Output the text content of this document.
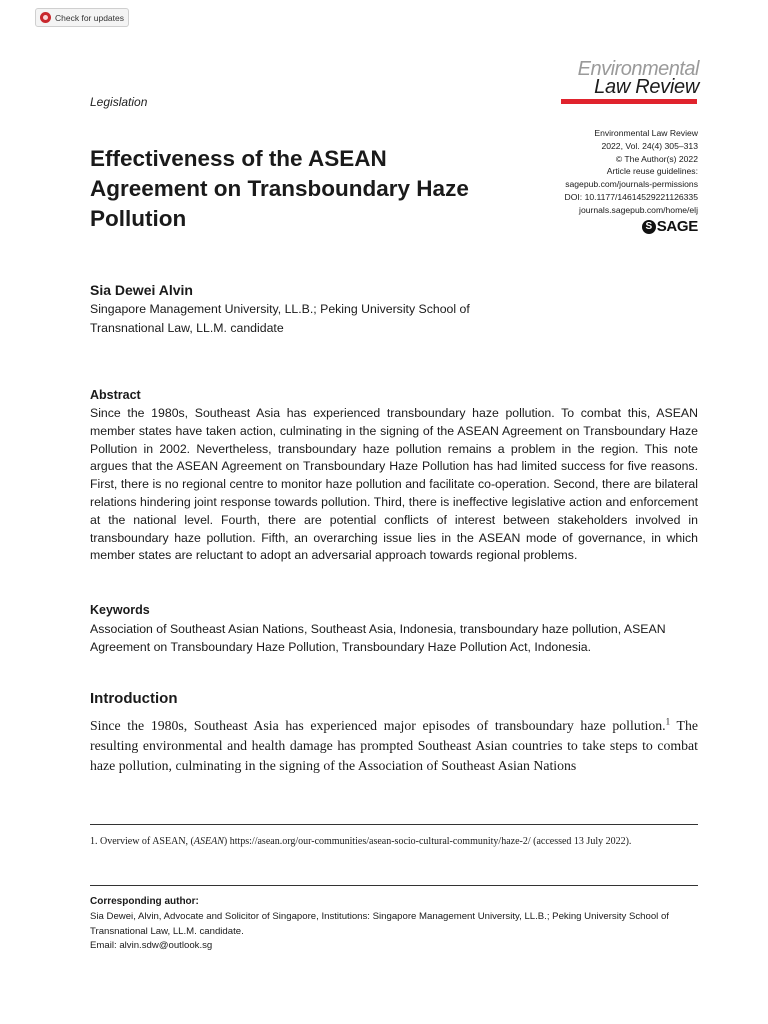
Check for updates
Legislation
Environmental
Law Review
Environmental Law Review
2022, Vol. 24(4) 305–313
© The Author(s) 2022
Article reuse guidelines:
sagepub.com/journals-permissions
DOI: 10.1177/14614529221126335
journals.sagepub.com/home/elj
S SAGE
Effectiveness of the ASEAN Agreement on Transboundary Haze Pollution
Sia Dewei Alvin
Singapore Management University, LL.B.; Peking University School of Transnational Law, LL.M. candidate
Abstract

Since the 1980s, Southeast Asia has experienced transboundary haze pollution. To combat this, ASEAN member states have taken action, culminating in the signing of the ASEAN Agreement on Transboundary Haze Pollution in 2002. Nevertheless, transboundary haze pollution remains a problem in the region. This note argues that the ASEAN Agreement on Transboundary Haze Pollution has had limited success for five reasons. First, there is no regional centre to monitor haze pollution and facilitate co-operation. Second, there are bilateral relations hindering joint response towards pollution. Third, there is ineffective legislative action and enforcement at the national level. Fourth, there are potential conflicts of interest between stakeholders involved in transboundary haze pollution. Fifth, an overarching issue lies in the ASEAN mode of governance, in which member states are reluctant to adopt an adversarial approach towards regional problems.

Keywords

Association of Southeast Asian Nations, Southeast Asia, Indonesia, transboundary haze pollution, ASEAN Agreement on Transboundary Haze Pollution, Transboundary Haze Pollution Act, Indonesia.

Introduction

Since the 1980s, Southeast Asia has experienced major episodes of transboundary haze pollution.$^1$ The resulting environmental and health damage has prompted Southeast Asian countries to take steps to combat haze pollution, culminating in the signing of the Association of Southeast Asian Nations

1. Overview of ASEAN, (ASEAN) https://asean.org/our-communities/asean-socio-cultural-community/haze-2/ (accessed 13 July 2022).

Corresponding author:
Sia Dewei, Alvin, Advocate and Solicitor of Singapore, Institutions: Singapore Management University, LL.B.; Peking University School of Transnational Law, LL.M. candidate.
Email: alvin.sdw@outlook.sg
